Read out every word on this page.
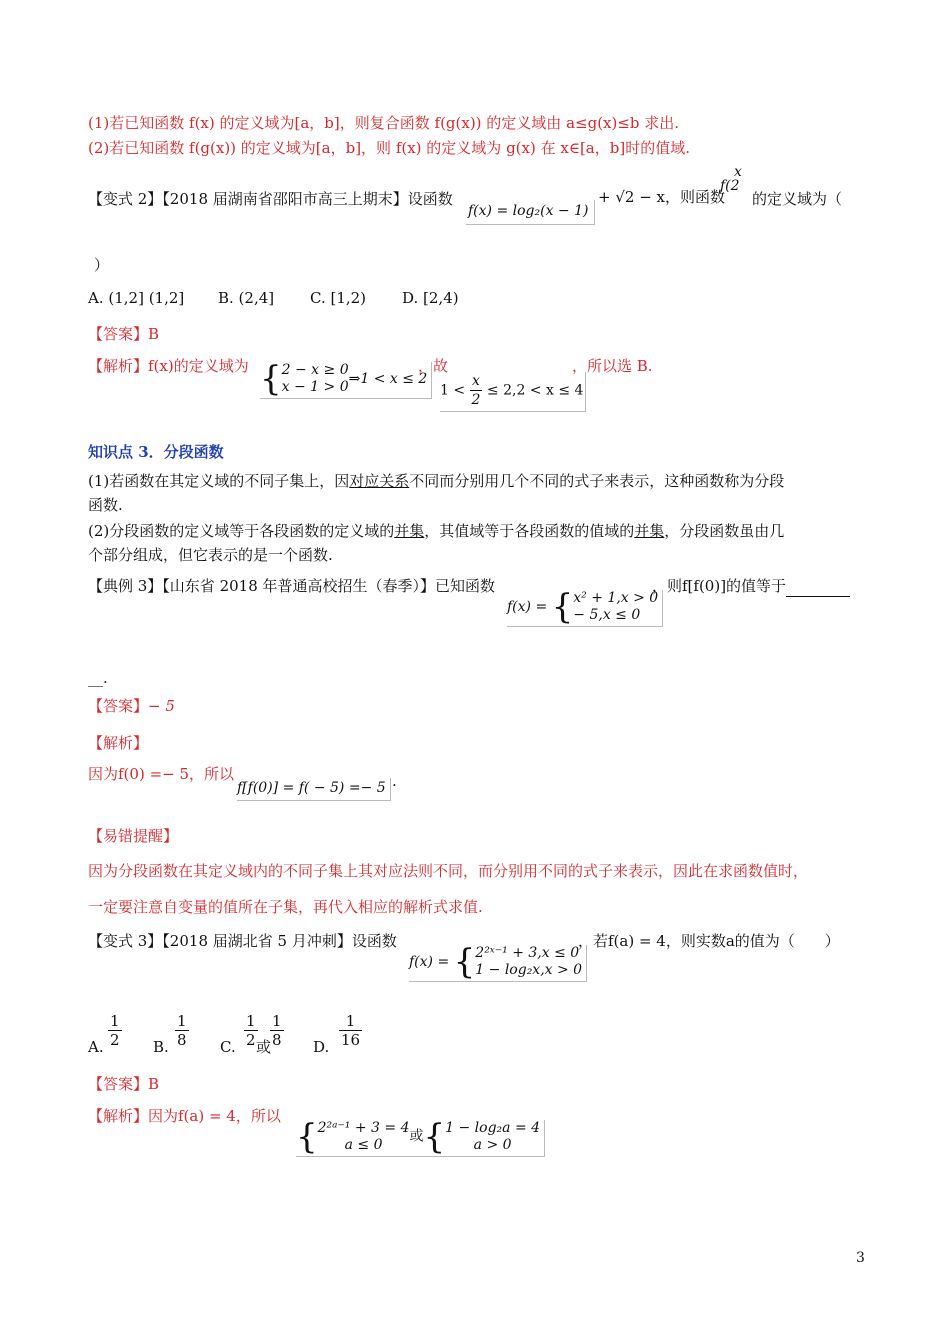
(1)若已知函数 f(x) 的定义域为[a，b]，则复合函数 f(g(x)) 的定义域由 a≤g(x)≤b 求出.
(2)若已知函数 f(g(x)) 的定义域为[a，b]，则 f(x) 的定义域为 g(x) 在 x∈[a，b]时的值域.
【变式 2】【2018 届湖南省邵阳市高三上期末】设函数
f(x) = log₂(x − 1)
+ √2 − x，则函数
x
f(2
的定义域为（
）
A. (1,2] (1,2] B. (2,4] C. [1,2) D. [2,4)
【答案】B
【解析】f(x)的定义域为 {2 − x ≥ 0
x − 1 > 0⇒1 < x ≤ 2
，故
$1 < \frac{x}{2} \le 2,2 < x \le 4$
，所以选 B.
知识点 3．分段函数
(1)若函数在其定义域的不同子集上，因对应关系不同而分别用几个不同的式子来表示，这种函数称为分段
函数.
(2)分段函数的定义域等于各段函数的定义域的并集，其值域等于各段函数的值域的并集，分段函数虽由几
个部分组成，但它表示的是一个函数.
【典例 3】【山东省 2018 年普通高校招生（春季）】已知函数
f(x) = {x² + 1,x > 0
− 5,x ≤ 0
，则f[f(0)]的值等于
__.
【答案】− 5
【解析】
因为f(0) =− 5，所以
f[f(0)] = f( − 5) =− 5 .
【易错提醒】
因为分段函数在其定义域内的不同子集上其对应法则不同，而分别用不同的式子来表示，因此在求函数值时，
一定要注意自变量的值所在子集，再代入相应的解析式求值.
【变式 3】【2018 届湖北省 5 月冲刺】设函数
f(x) = {2²ˣ⁻¹ + 3,x ≤ 0
1 − log₂x,x > 0
，若f(a) = 4，则实数a的值为（　　）
A. $\frac{1}{2} B$. $\frac{1}{8} C$. $\frac{1}{2}$
或
$\frac{1}{8} D$. $\frac{1}{16}$
【答案】B
【解析】因为f(a) = 4，所以
{2²ᵃ⁻¹ + 3 = 4
a ≤ 0或{1 − log₂a = 4
a > 0
3
